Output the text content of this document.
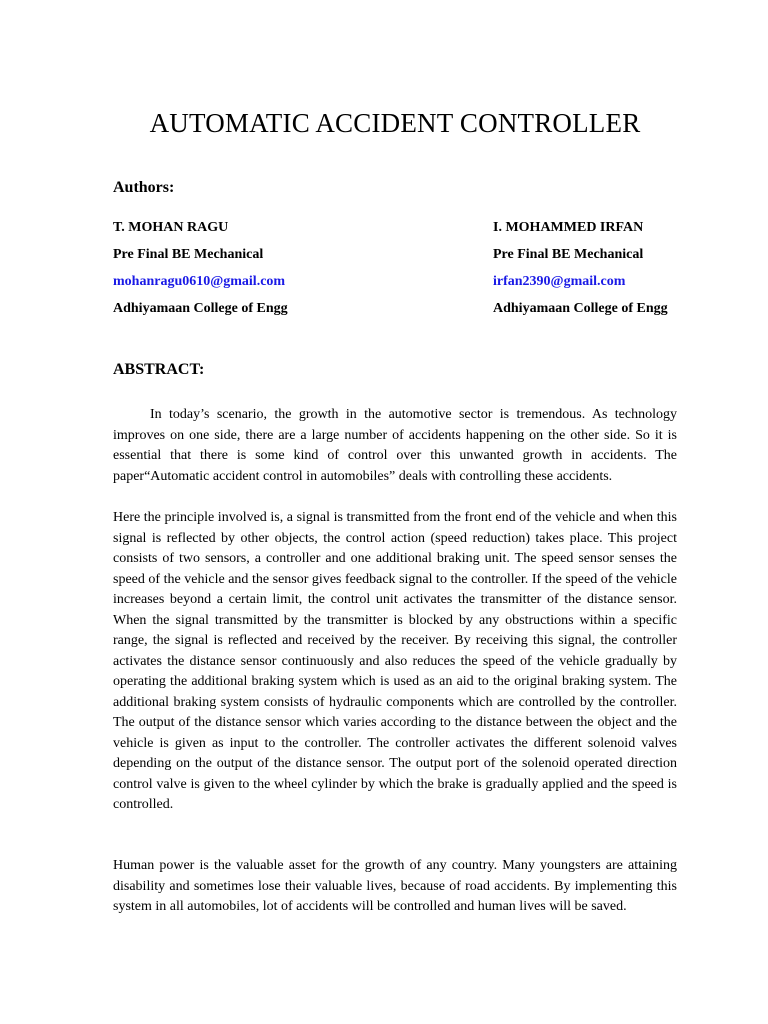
AUTOMATIC ACCIDENT CONTROLLER
Authors:
T. MOHAN RAGU
Pre Final BE Mechanical
mohanragu0610@gmail.com
Adhiyamaan College of Engg
I. MOHAMMED IRFAN
Pre Final BE Mechanical
irfan2390@gmail.com
Adhiyamaan College of Engg
ABSTRACT:

In today’s scenario, the growth in the automotive sector is tremendous. As technology improves on one side, there are a large number of accidents happening on the other side. So it is essential that there is some kind of control over this unwanted growth in accidents. The paper“Automatic accident control in automobiles” deals with controlling these accidents.

Here the principle involved is, a signal is transmitted from the front end of the vehicle and when this signal is reflected by other objects, the control action (speed reduction) takes place. This project consists of two sensors, a controller and one additional braking unit. The speed sensor senses the speed of the vehicle and the sensor gives feedback signal to the controller. If the speed of the vehicle increases beyond a certain limit, the control unit activates the transmitter of the distance sensor. When the signal transmitted by the transmitter is blocked by any obstructions within a specific range, the signal is reflected and received by the receiver. By receiving this signal, the controller activates the distance sensor continuously and also reduces the speed of the vehicle gradually by operating the additional braking system which is used as an aid to the original braking system. The additional braking system consists of hydraulic components which are controlled by the controller. The output of the distance sensor which varies according to the distance between the object and the vehicle is given as input to the controller. The controller activates the different solenoid valves depending on the output of the distance sensor. The output port of the solenoid operated direction control valve is given to the wheel cylinder by which the brake is gradually applied and the speed is controlled.

Human power is the valuable asset for the growth of any country. Many youngsters are attaining disability and sometimes lose their valuable lives, because of road accidents. By implementing this system in all automobiles, lot of accidents will be controlled and human lives will be saved.
